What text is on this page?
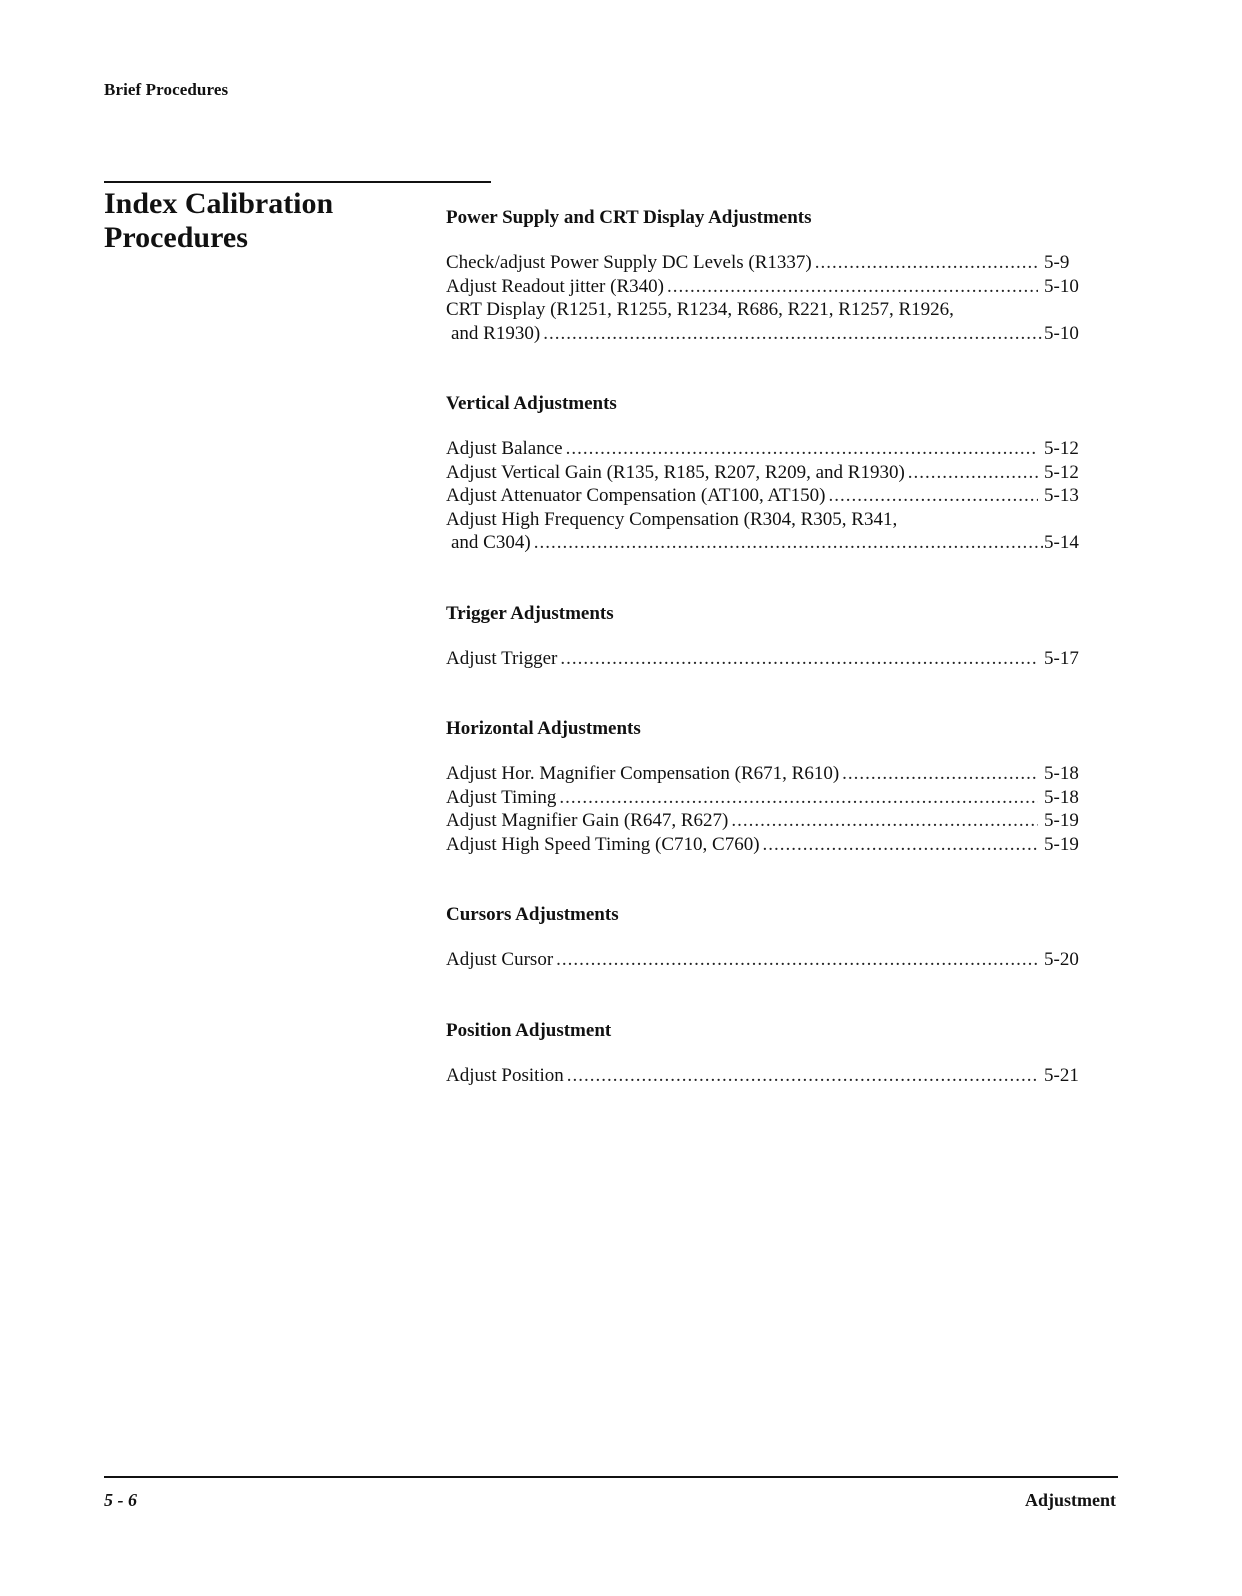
Brief Procedures
Index Calibration
Procedures
Power Supply and CRT Display Adjustments
Check/adjust Power Supply DC Levels (R1337) .....	5-9
Adjust Readout jitter (R340) .....	5-10
CRT Display (R1251, R1255, R1234, R686, R221, R1257, R1926,
and R1930) .....	5-10
Vertical Adjustments
Adjust Balance .....	5-12
Adjust Vertical Gain (R135, R185, R207, R209, and R1930) .....	5-12
Adjust Attenuator Compensation (AT100, AT150) .....	5-13
Adjust High Frequency Compensation (R304, R305, R341,
and C304) .....	5-14
Trigger Adjustments
Adjust Trigger .....	5-17
Horizontal Adjustments
Adjust Hor. Magnifier Compensation (R671, R610) .....	5-18
Adjust Timing .....	5-18
Adjust Magnifier Gain (R647, R627) .....	5-19
Adjust High Speed Timing (C710, C760) .....	5-19
Cursors Adjustments
Adjust Cursor .....	5-20
Position Adjustment
Adjust Position .....	5-21
5 - 6	Adjustment
